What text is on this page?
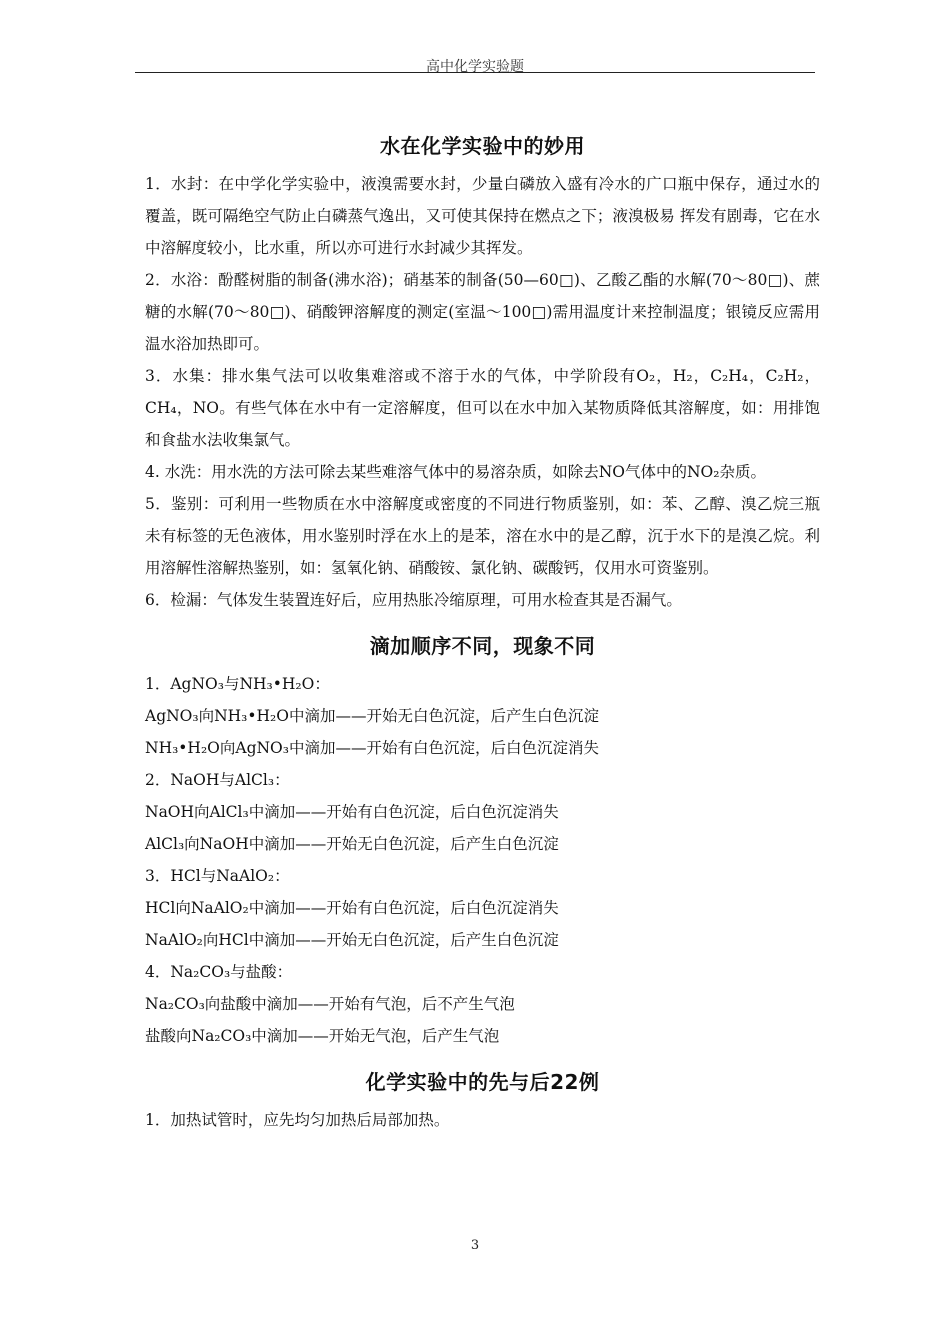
高中化学实验题
水在化学实验中的妙用

1．水封：在中学化学实验中，液溴需要水封，少量白磷放入盛有冷水的广口瓶中保存，通过水的覆盖，既可隔绝空气防止白磷蒸气逸出，又可使其保持在燃点之下；液溴极易 挥发有剧毒，它在水中溶解度较小，比水重，所以亦可进行水封减少其挥发。

2．水浴：酚醛树脂的制备(沸水浴)；硝基苯的制备(50—60□)、乙酸乙酯的水解(70～80□)、蔗糖的水解(70～80□)、硝酸钾溶解度的测定(室温～100□)需用温度计来控制温度；银镜反应需用温水浴加热即可。

3．水集：排水集气法可以收集难溶或不溶于水的气体，中学阶段有O₂，H₂，C₂H₄，C₂H₂，CH₄，NO。有些气体在水中有一定溶解度，但可以在水中加入某物质降低其溶解度，如：用排饱和食盐水法收集氯气。

4. 水洗：用水洗的方法可除去某些难溶气体中的易溶杂质，如除去NO气体中的NO₂杂质。

5．鉴别：可利用一些物质在水中溶解度或密度的不同进行物质鉴别，如：苯、乙醇、溴乙烷三瓶未有标签的无色液体，用水鉴别时浮在水上的是苯，溶在水中的是乙醇，沉于水下的是溴乙烷。利用溶解性溶解热鉴别，如：氢氧化钠、硝酸铵、氯化钠、碳酸钙，仅用水可资鉴别。

6．检漏：气体发生装置连好后，应用热胀冷缩原理，可用水检查其是否漏气。

滴加顺序不同，现象不同

1．AgNO₃与NH₃•H₂O：

AgNO₃向NH₃•H₂O中滴加——开始无白色沉淀，后产生白色沉淀

NH₃•H₂O向AgNO₃中滴加——开始有白色沉淀，后白色沉淀消失

2．NaOH与AlCl₃：

NaOH向AlCl₃中滴加——开始有白色沉淀，后白色沉淀消失

AlCl₃向NaOH中滴加——开始无白色沉淀，后产生白色沉淀

3．HCl与NaAlO₂：

HCl向NaAlO₂中滴加——开始有白色沉淀，后白色沉淀消失

NaAlO₂向HCl中滴加——开始无白色沉淀，后产生白色沉淀

4．Na₂CO₃与盐酸：

Na₂CO₃向盐酸中滴加——开始有气泡，后不产生气泡

盐酸向Na₂CO₃中滴加——开始无气泡，后产生气泡

化学实验中的先与后22例

1．加热试管时，应先均匀加热后局部加热。

3
